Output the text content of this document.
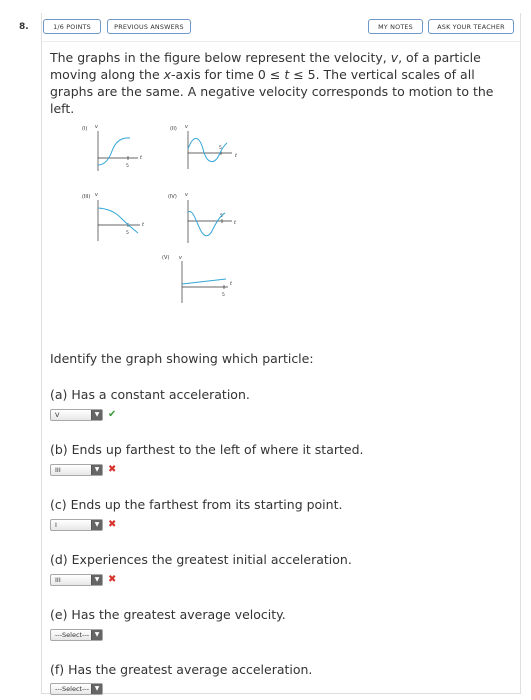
8.	1/6 POINTS	PREVIOUS ANSWERS	MY NOTES	ASK YOUR TEACHER
The graphs in the figure below represent the velocity, v, of a particle moving along the x-axis for time 0 ≤ t ≤ 5. The vertical scales of all graphs are the same. A negative velocity corresponds to motion to the left.
(I) v
5
t
(II) v
5
t
(III) v
5
t
(IV) v
5
t
(V) v
5
t
Identify the graph showing which particle:
(a) Has a constant acceleration.
V	▼ ✔
(b) Ends up farthest to the left of where it started.
III	▼ ✖
(c) Ends up the farthest from its starting point.
I	▼ ✖
(d) Experiences the greatest initial acceleration.
III	▼ ✖
(e) Has the greatest average velocity.
---Select--- ▼
(f) Has the greatest average acceleration.
---Select--- ▼
